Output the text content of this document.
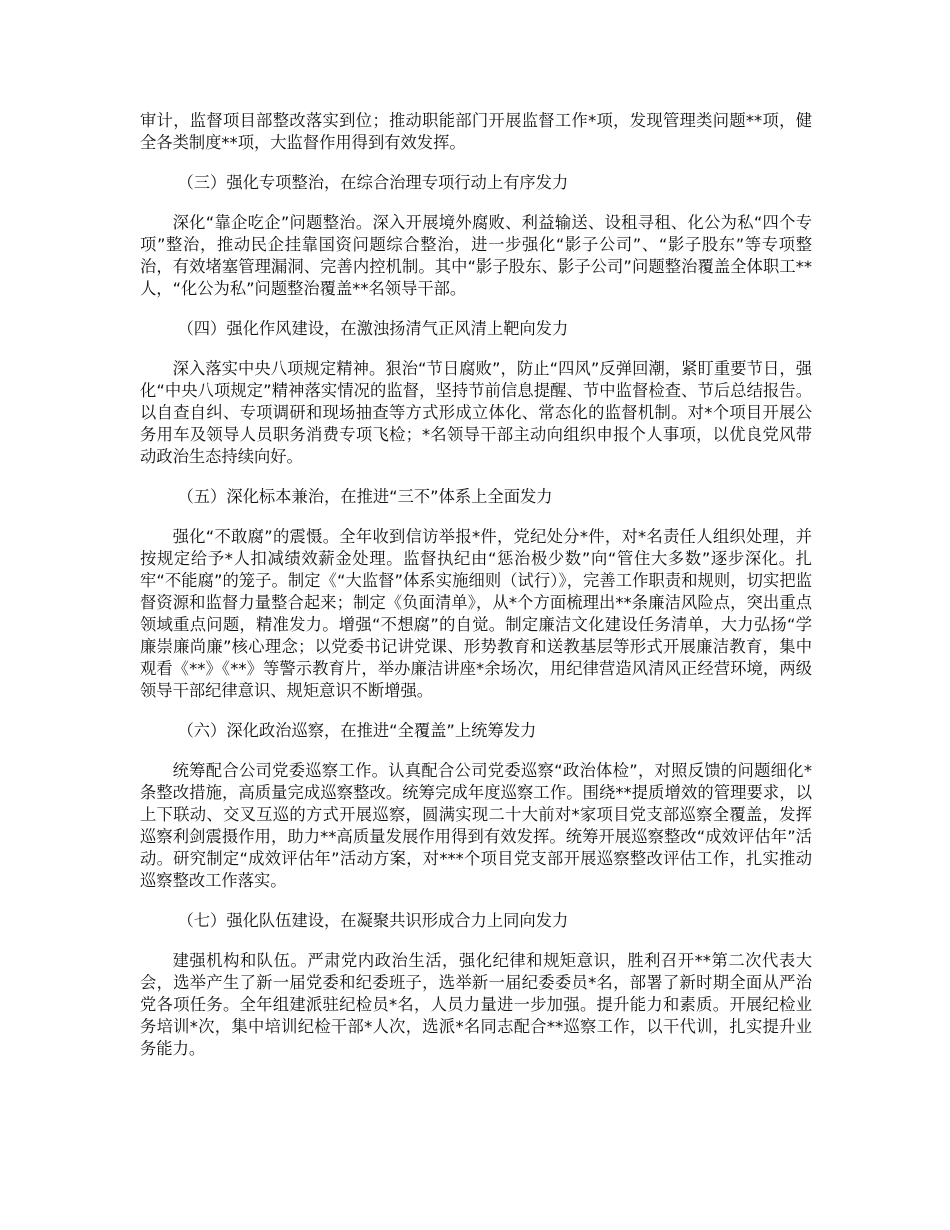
审计，监督项目部整改落实到位；推动职能部门开展监督工作*项，发现管理类问题**项，健全各类制度**项，大监督作用得到有效发挥。

（三）强化专项整治，在综合治理专项行动上有序发力

深化“靠企吃企”问题整治。深入开展境外腐败、利益输送、设租寻租、化公为私“四个专项”整治，推动民企挂靠国资问题综合整治，进一步强化“影子公司”、“影子股东”等专项整治，有效堵塞管理漏洞、完善内控机制。其中“影子股东、影子公司”问题整治覆盖全体职工**人，“化公为私”问题整治覆盖**名领导干部。

（四）强化作风建设，在激浊扬清气正风清上靶向发力

深入落实中央八项规定精神。狠治“节日腐败”，防止“四风”反弹回潮，紧盯重要节日，强化“中央八项规定”精神落实情况的监督，坚持节前信息提醒、节中监督检查、节后总结报告。以自查自纠、专项调研和现场抽查等方式形成立体化、常态化的监督机制。对*个项目开展公务用车及领导人员职务消费专项飞检；*名领导干部主动向组织申报个人事项，以优良党风带动政治生态持续向好。

（五）深化标本兼治，在推进“三不”体系上全面发力

强化“不敢腐”的震慑。全年收到信访举报*件，党纪处分*件，对*名责任人组织处理，并按规定给予*人扣减绩效薪金处理。监督执纪由“惩治极少数”向“管住大多数”逐步深化。扎牢“不能腐”的笼子。制定《“大监督”体系实施细则（试行）》，完善工作职责和规则，切实把监督资源和监督力量整合起来；制定《负面清单》，从*个方面梳理出**条廉洁风险点，突出重点领域重点问题，精准发力。增强“不想腐”的自觉。制定廉洁文化建设任务清单，大力弘扬“学廉崇廉尚廉”核心理念；以党委书记讲党课、形势教育和送教基层等形式开展廉洁教育，集中观看《**》《**》等警示教育片，举办廉洁讲座*余场次，用纪律营造风清风正经营环境，两级领导干部纪律意识、规矩意识不断增强。

（六）深化政治巡察，在推进“全覆盖”上统筹发力

统筹配合公司党委巡察工作。认真配合公司党委巡察“政治体检”，对照反馈的问题细化*条整改措施，高质量完成巡察整改。统筹完成年度巡察工作。围绕**提质增效的管理要求，以上下联动、交叉互巡的方式开展巡察，圆满实现二十大前对*家项目党支部巡察全覆盖，发挥巡察利剑震摄作用，助力**高质量发展作用得到有效发挥。统筹开展巡察整改“成效评估年”活动。研究制定“成效评估年”活动方案，对***个项目党支部开展巡察整改评估工作，扎实推动巡察整改工作落实。

（七）强化队伍建设，在凝聚共识形成合力上同向发力

建强机构和队伍。严肃党内政治生活，强化纪律和规矩意识，胜利召开**第二次代表大会，选举产生了新一届党委和纪委班子，选举新一届纪委委员*名，部署了新时期全面从严治党各项任务。全年组建派驻纪检员*名，人员力量进一步加强。提升能力和素质。开展纪检业务培训*次，集中培训纪检干部*人次，选派*名同志配合**巡察工作，以干代训，扎实提升业务能力。
